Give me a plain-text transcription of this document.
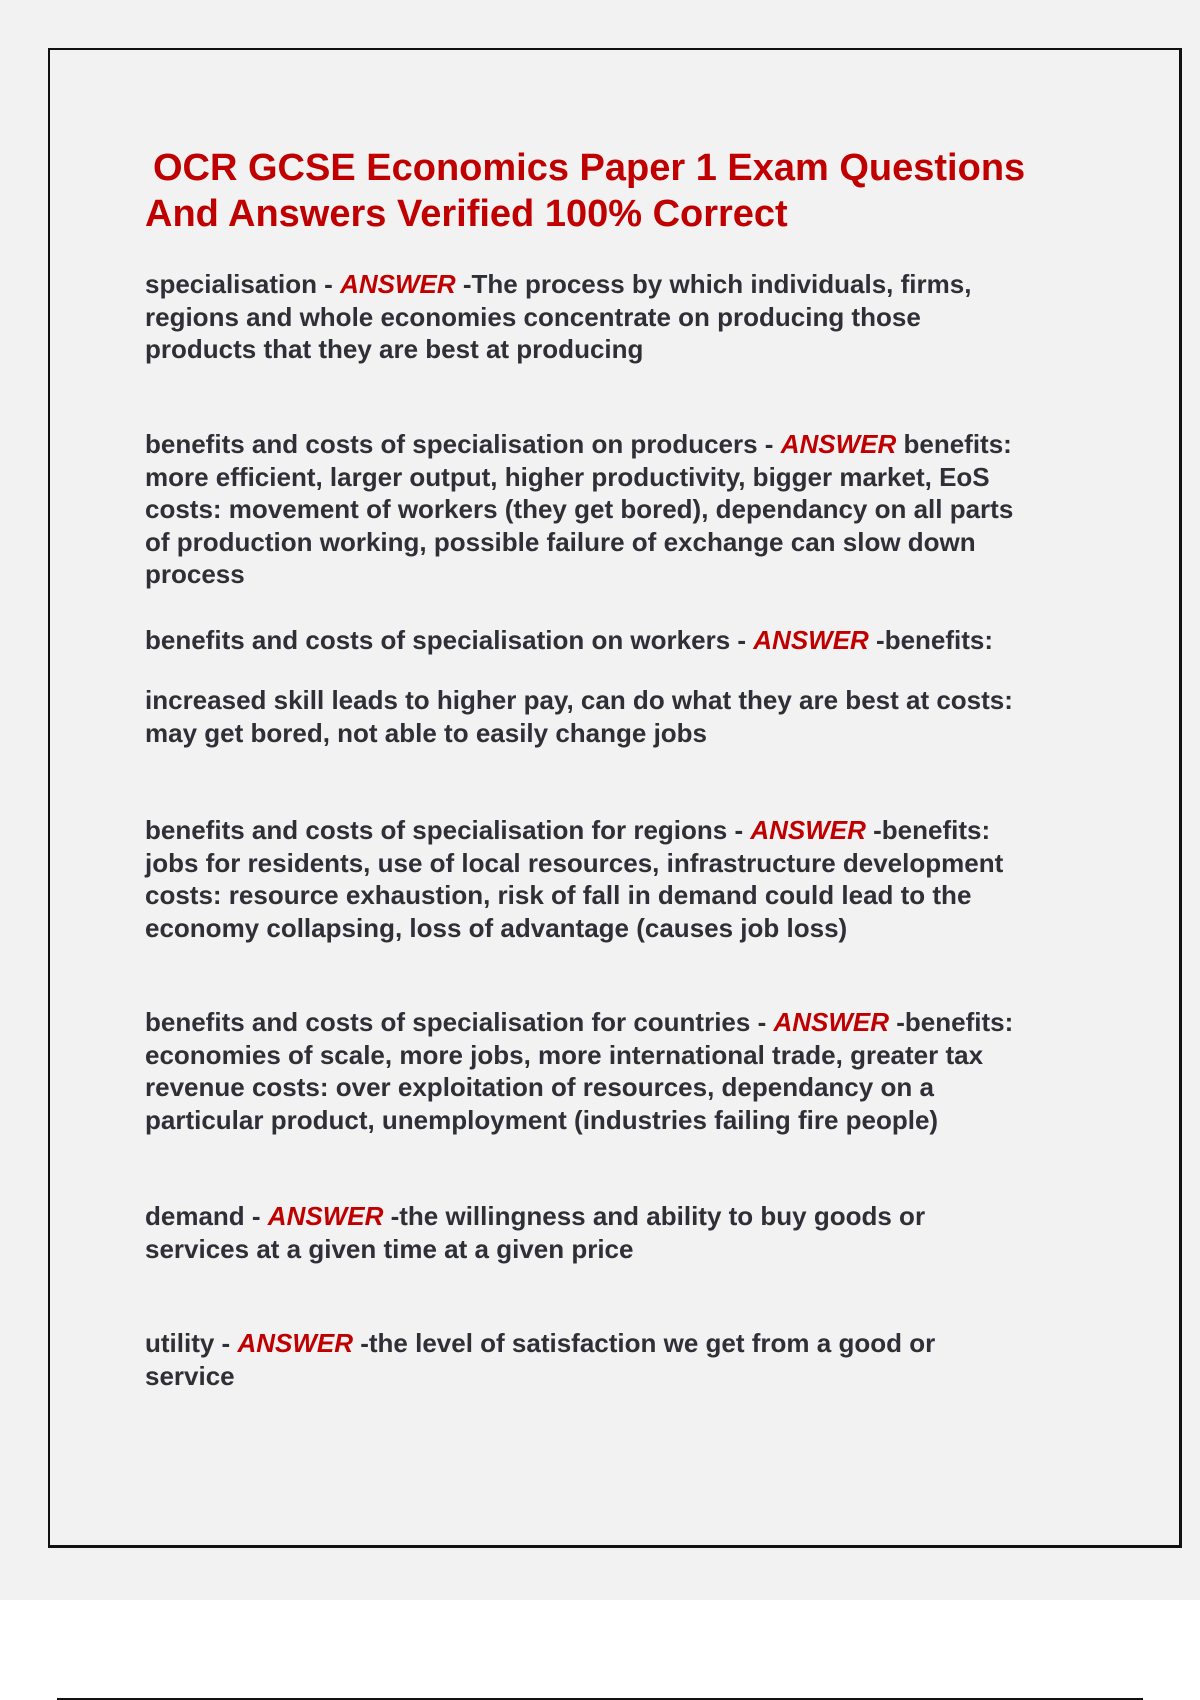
OCR GCSE Economics Paper 1 Exam Questions
And Answers Verified 100% Correct

specialisation - ANSWER -The process by which individuals, firms,
regions and whole economies concentrate on producing those
products that they are best at producing

benefits and costs of specialisation on producers - ANSWER benefits:
more efficient, larger output, higher productivity, bigger market, EoS
costs: movement of workers (they get bored), dependancy on all parts
of production working, possible failure of exchange can slow down
process

benefits and costs of specialisation on workers - ANSWER -benefits:

increased skill leads to higher pay, can do what they are best at costs:
may get bored, not able to easily change jobs

benefits and costs of specialisation for regions - ANSWER -benefits:
jobs for residents, use of local resources, infrastructure development
costs: resource exhaustion, risk of fall in demand could lead to the
economy collapsing, loss of advantage (causes job loss)

benefits and costs of specialisation for countries - ANSWER -benefits:
economies of scale, more jobs, more international trade, greater tax
revenue costs: over exploitation of resources, dependancy on a
particular product, unemployment (industries failing fire people)

demand - ANSWER -the willingness and ability to buy goods or
services at a given time at a given price

utility - ANSWER -the level of satisfaction we get from a good or
service
